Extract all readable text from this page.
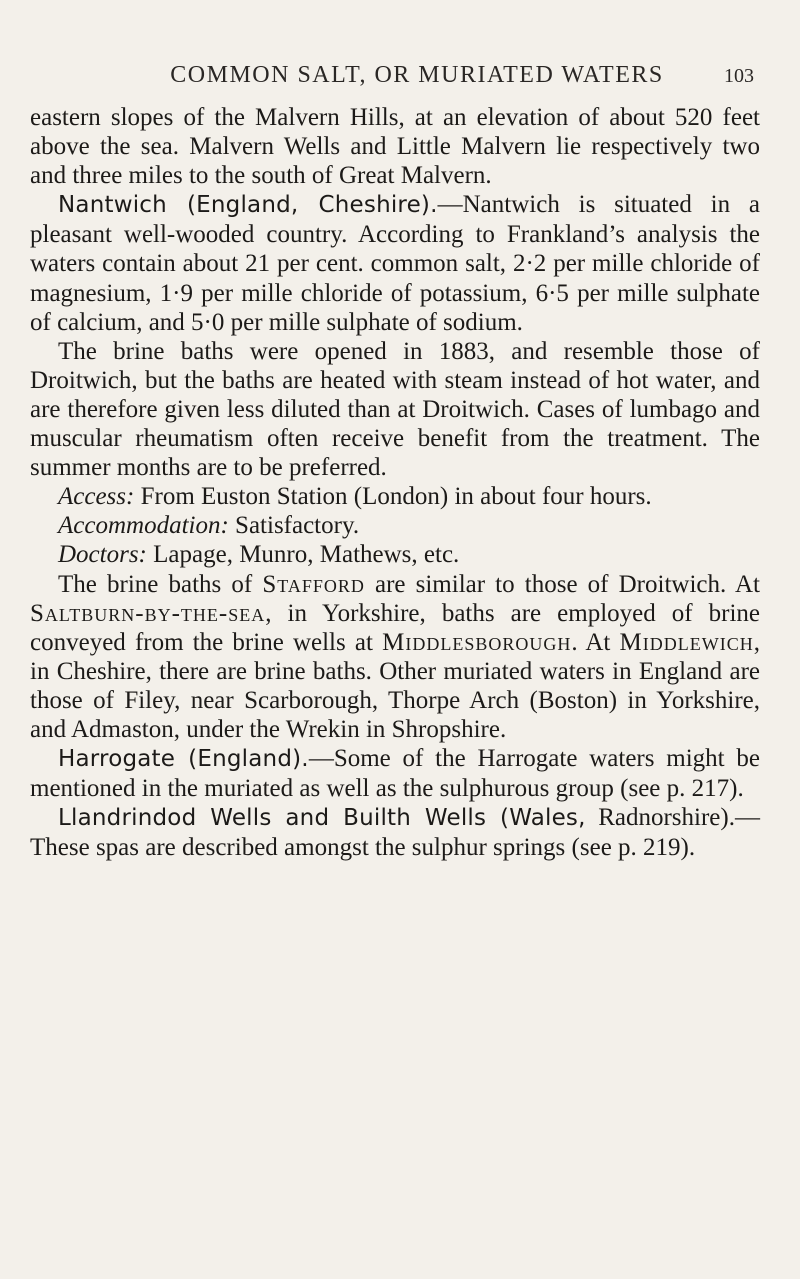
COMMON SALT, OR MURIATED WATERS	103

eastern slopes of the Malvern Hills, at an elevation of about 520 feet above the sea. Malvern Wells and Little Malvern lie respectively two and three miles to the south of Great Malvern.

Nantwich (England, Cheshire).—Nantwich is situated in a pleasant well-wooded country. According to Frankland’s analysis the waters contain about 21 per cent. common salt, 2·2 per mille chloride of magnesium, 1·9 per mille chloride of potassium, 6·5 per mille sulphate of calcium, and 5·0 per mille sulphate of sodium.

The brine baths were opened in 1883, and resemble those of Droitwich, but the baths are heated with steam instead of hot water, and are therefore given less diluted than at Droitwich. Cases of lumbago and muscular rheumatism often receive benefit from the treatment. The summer months are to be preferred.

Access: From Euston Station (London) in about four hours.

Accommodation: Satisfactory.

Doctors: Lapage, Munro, Mathews, etc.

The brine baths of Stafford are similar to those of Droitwich. At Saltburn-by-the-sea, in Yorkshire, baths are employed of brine conveyed from the brine wells at Middlesborough. At Middlewich, in Cheshire, there are brine baths. Other muriated waters in England are those of Filey, near Scarborough, Thorpe Arch (Boston) in Yorkshire, and Admaston, under the Wrekin in Shropshire.

Harrogate (England).—Some of the Harrogate waters might be mentioned in the muriated as well as the sulphurous group (see p. 217).

Llandrindod Wells and Builth Wells (Wales, Radnorshire).—These spas are described amongst the sulphur springs (see p. 219).
